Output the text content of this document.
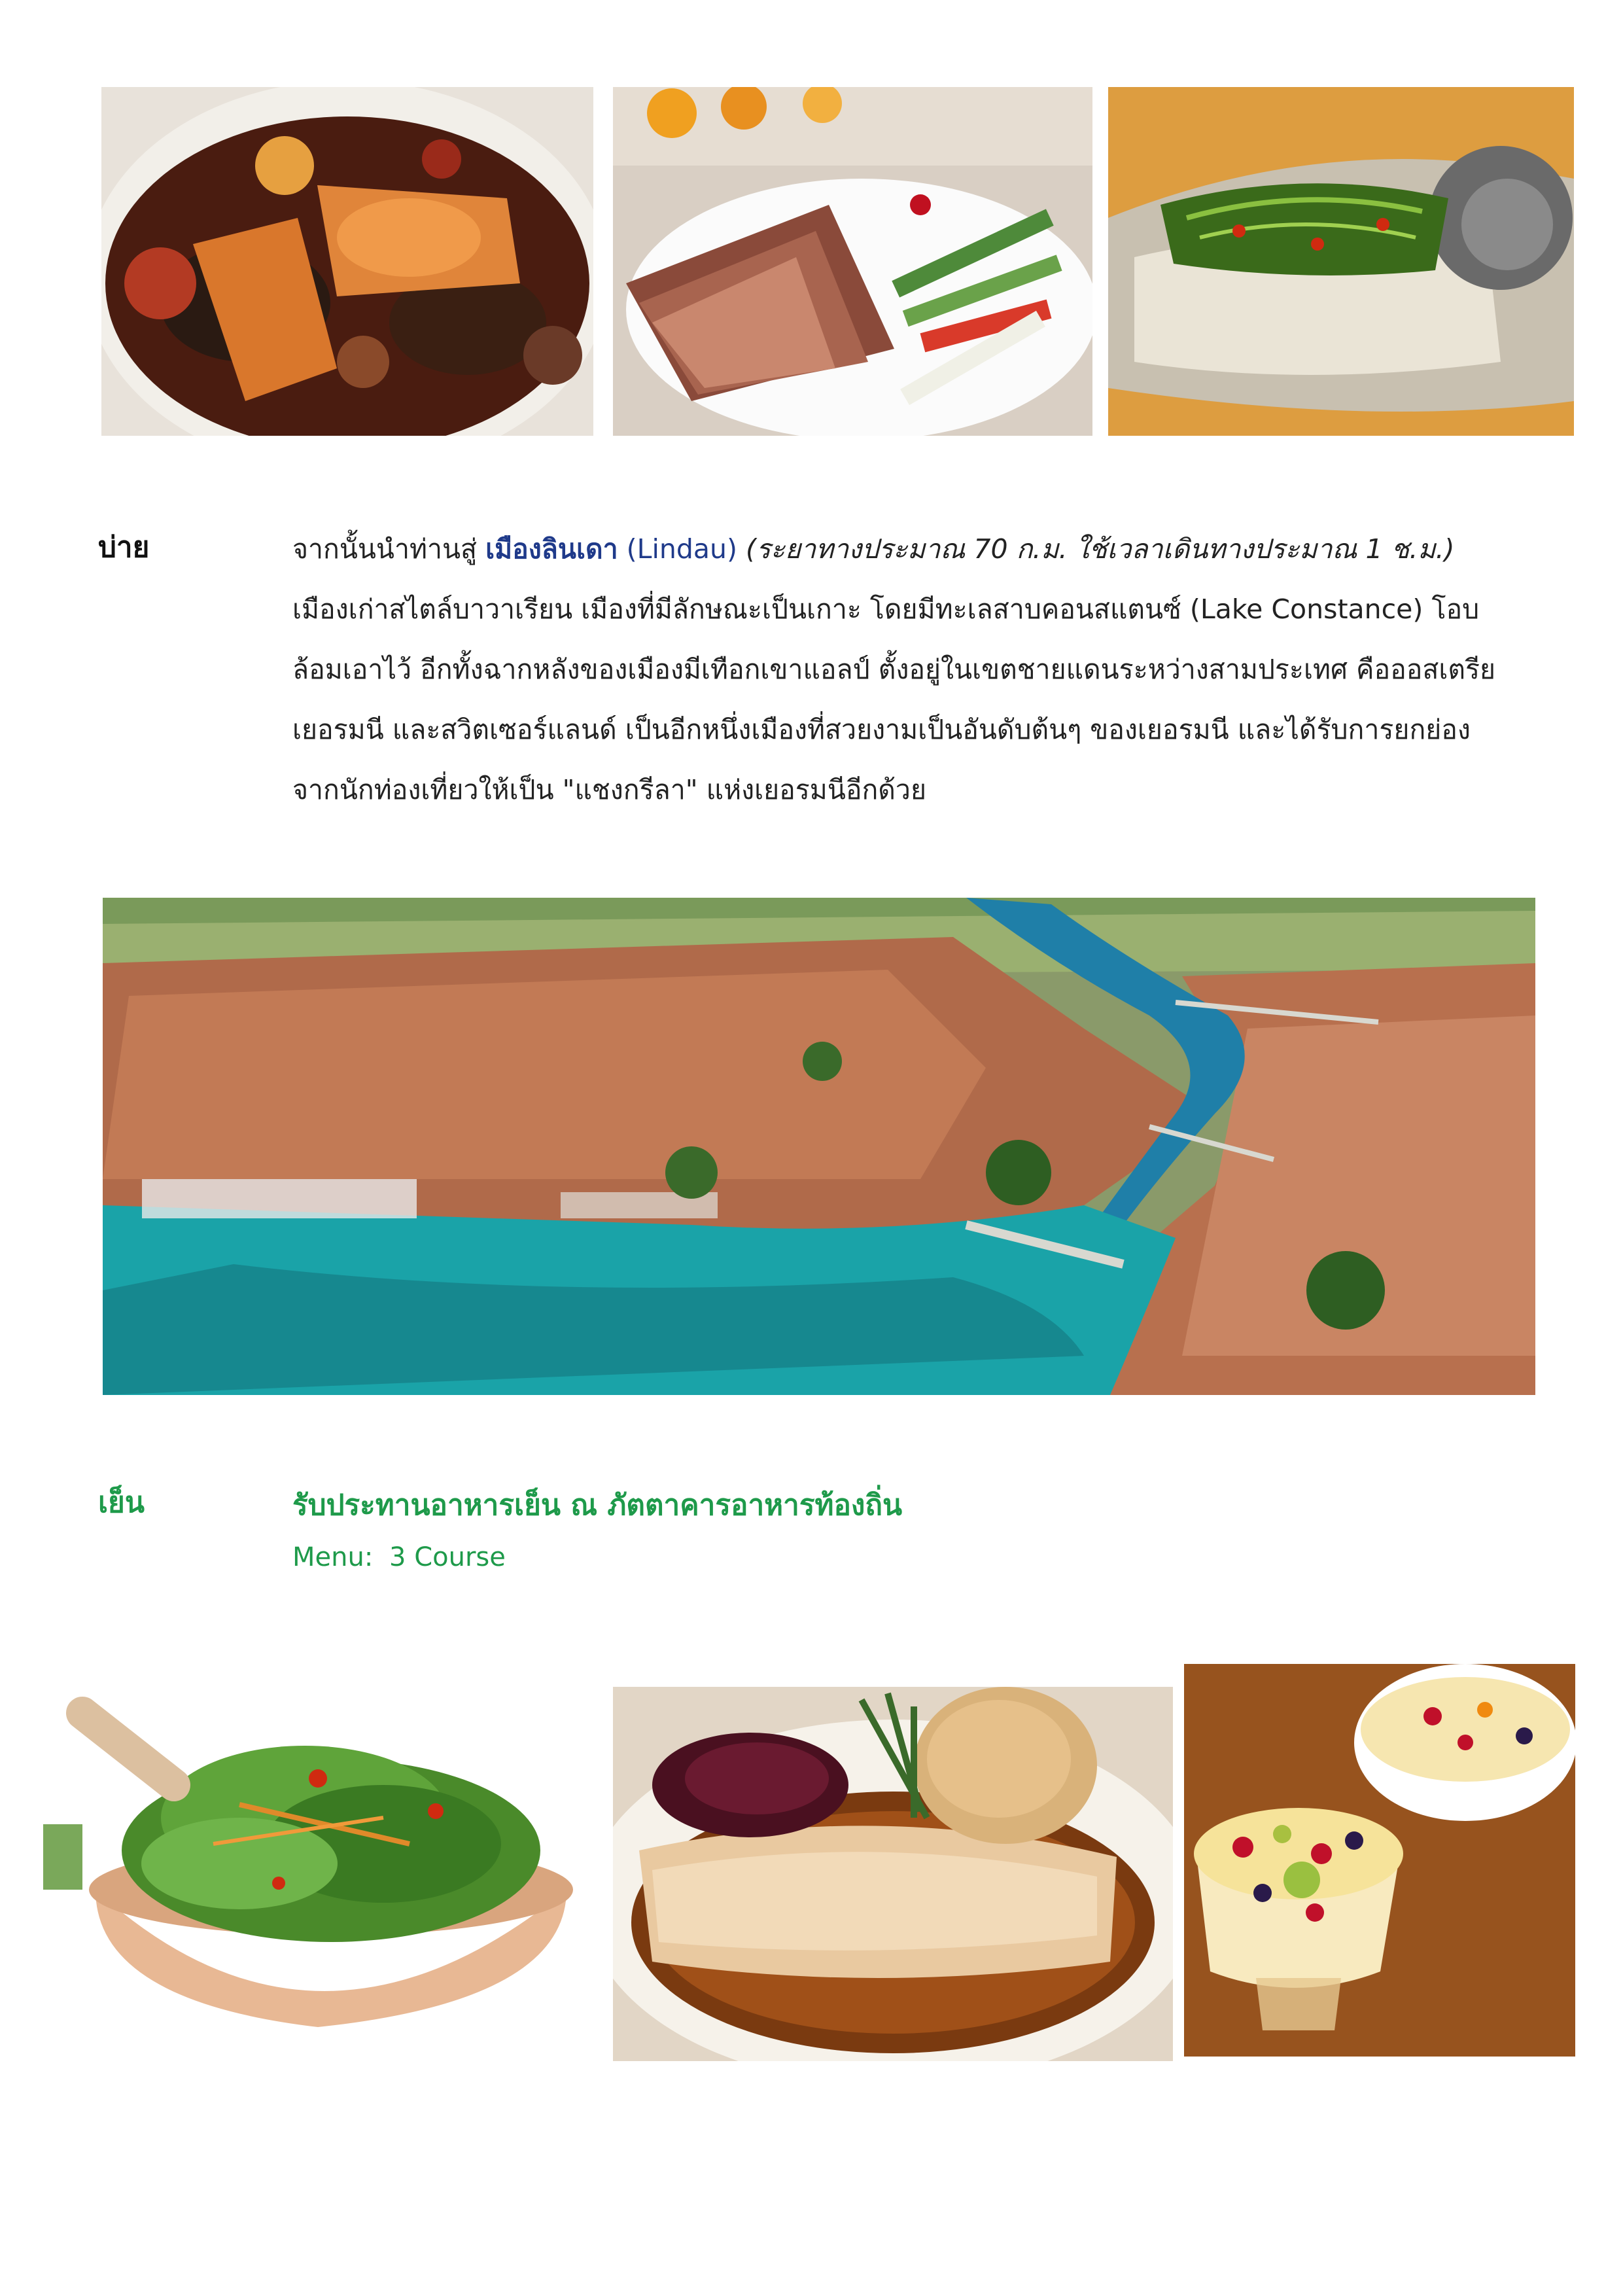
บ่าย	จากนั้นนำท่านสู่ เมืองลินเดา (Lindau) (ระยาทางประมาณ 70 ก.ม. ใช้เวลาเดินทางประมาณ 1 ช.ม.)
เมืองเก่าสไตล์บาวาเรียน เมืองที่มีลักษณะเป็นเกาะ โดยมีทะเลสาบคอนสแตนซ์ (Lake Constance) โอบ
ล้อมเอาไว้ อีกทั้งฉากหลังของเมืองมีเทือกเขาแอลป์ ตั้งอยู่ในเขตชายแดนระหว่างสามประเทศ คือออสเตรีย
เยอรมนี และสวิตเซอร์แลนด์ เป็นอีกหนึ่งเมืองที่สวยงามเป็นอันดับต้นๆ ของเยอรมนี และได้รับการยกย่อง
จากนักท่องเที่ยวให้เป็น "แชงกรีลา" แห่งเยอรมนีอีกด้วย
เย็น	รับประทานอาหารเย็น ณ ภัตตาคารอาหารท้องถิ่น
Menu: 3 Course
